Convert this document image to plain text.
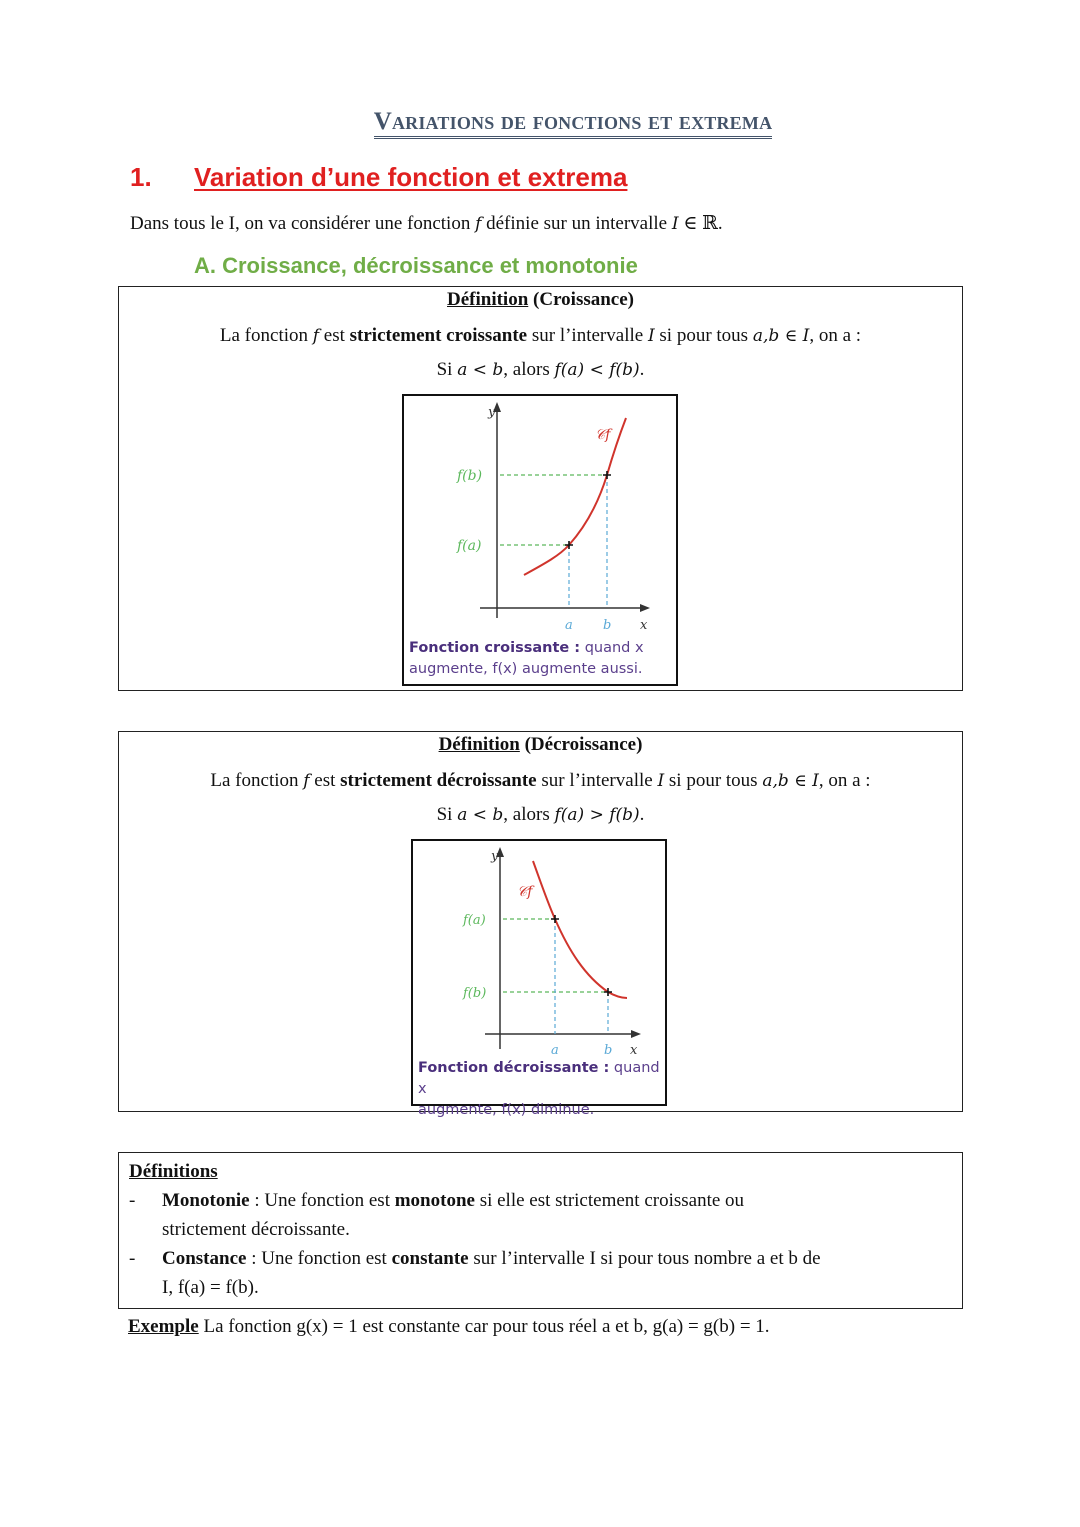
Variations de fonctions et extrema
1. Variation d’une fonction et extrema
Dans tous le I, on va considérer une fonction f définie sur un intervalle I ∈ ℝ.
A. Croissance, décroissance et monotonie
Définition (Croissance)
La fonction f est strictement croissante sur l’intervalle I si pour tous a,b ∈ I, on a :
Si a < b, alors f(a) < f(b).
y
𝒞f
f(b)
f(a)
a b x
Fonction croissante : quand x
augmente, f(x) augmente aussi.
Définition (Décroissance)
La fonction f est strictement décroissante sur l’intervalle I si pour tous a,b ∈ I, on a :
Si a < b, alors f(a) > f(b).
y
𝒞f
f(a)
f(b)
a	b x
Fonction décroissante : quand x
augmente, f(x) diminue.
Définitions
- Monotonie : Une fonction est monotone si elle est strictement croissante ou
strictement décroissante.
- Constance : Une fonction est constante sur l’intervalle I si pour tous nombre a et b de
I, f(a) = f(b).
Exemple La fonction g(x) = 1 est constante car pour tous réel a et b, g(a) = g(b) = 1.
